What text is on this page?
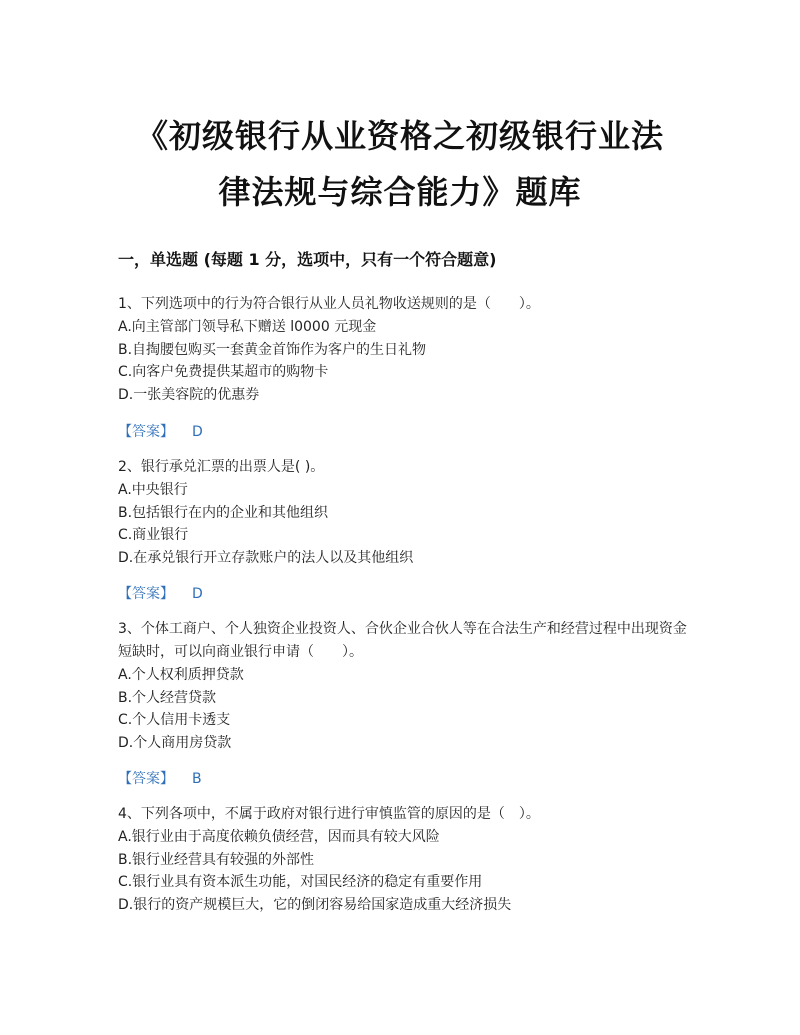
《初级银行从业资格之初级银行业法
律法规与综合能力》题库
一，单选题 (每题 1 分，选项中，只有一个符合题意)
1、下列选项中的行为符合银行从业人员礼物收送规则的是（　　）。
A.向主管部门领导私下赠送 l0000 元现金
B.自掏腰包购买一套黄金首饰作为客户的生日礼物
C.向客户免费提供某超市的购物卡
D.一张美容院的优惠券
【答案】 D
2、银行承兑汇票的出票人是( )。
A.中央银行
B.包括银行在内的企业和其他组织
C.商业银行
D.在承兑银行开立存款账户的法人以及其他组织
【答案】 D
3、个体工商户、个人独资企业投资人、合伙企业合伙人等在合法生产和经营过程中出现资金短缺时，可以向商业银行申请（　　）。
A.个人权利质押贷款
B.个人经营贷款
C.个人信用卡透支
D.个人商用房贷款
【答案】 B
4、下列各项中，不属于政府对银行进行审慎监管的原因的是（　）。
A.银行业由于高度依赖负债经营，因而具有较大风险
B.银行业经营具有较强的外部性
C.银行业具有资本派生功能，对国民经济的稳定有重要作用
D.银行的资产规模巨大，它的倒闭容易给国家造成重大经济损失
